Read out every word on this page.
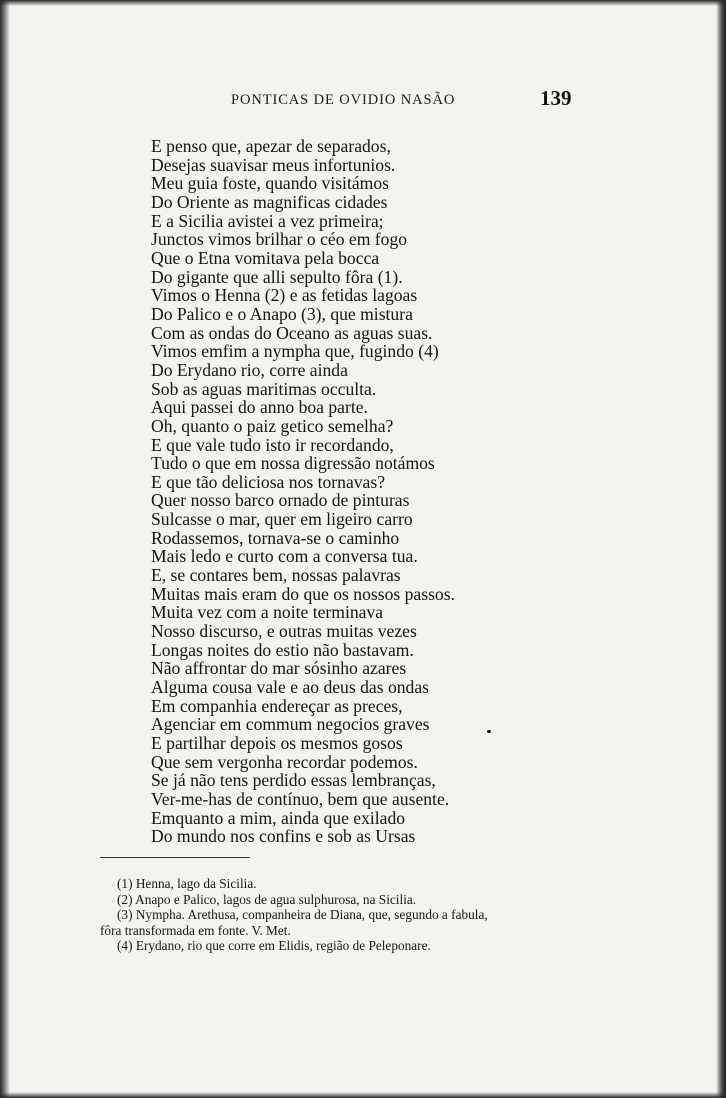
PONTICAS DE OVIDIO NASÃO	139
E penso que, apezar de separados,
Desejas suavisar meus infortunios.
Meu guia foste, quando visitámos
Do Oriente as magnificas cidades
E a Sicilia avistei a vez primeira;
Junctos vimos brilhar o céo em fogo
Que o Etna vomitava pela bocca
Do gigante que alli sepulto fôra (1).
Vimos o Henna (2) e as fetidas lagoas
Do Palico e o Anapo (3), que mistura
Com as ondas do Oceano as aguas suas.
Vimos emfim a nympha que, fugindo (4)
Do Erydano rio, corre ainda
Sob as aguas maritimas occulta.
Aqui passei do anno boa parte.
Oh, quanto o paiz getico semelha?
E que vale tudo isto ir recordando,
Tudo o que em nossa digressão notámos
E que tão deliciosa nos tornavas?
Quer nosso barco ornado de pinturas
Sulcasse o mar, quer em ligeiro carro
Rodassemos, tornava-se o caminho
Mais ledo e curto com a conversa tua.
E, se contares bem, nossas palavras
Muitas mais eram do que os nossos passos.
Muita vez com a noite terminava
Nosso discurso, e outras muitas vezes
Longas noites do estio não bastavam.
Não affrontar do mar sósinho azares
Alguma cousa vale e ao deus das ondas
Em companhia endereçar as preces,
Agenciar em commum negocios graves
E partilhar depois os mesmos gosos
Que sem vergonha recordar podemos.
Se já não tens perdido essas lembranças,
Ver-me-has de contínuo, bem que ausente.
Emquanto a mim, ainda que exilado
Do mundo nos confins e sob as Ursas
(1) Henna, lago da Sicilia.
(2) Anapo e Palico, lagos de agua sulphurosa, na Sicilia.
(3) Nympha. Arethusa, companheira de Diana, que, segundo a fabula,
fôra transformada em fonte. V. Met.
(4) Erydano, rio que corre em Elidis, região de Peleponare.
